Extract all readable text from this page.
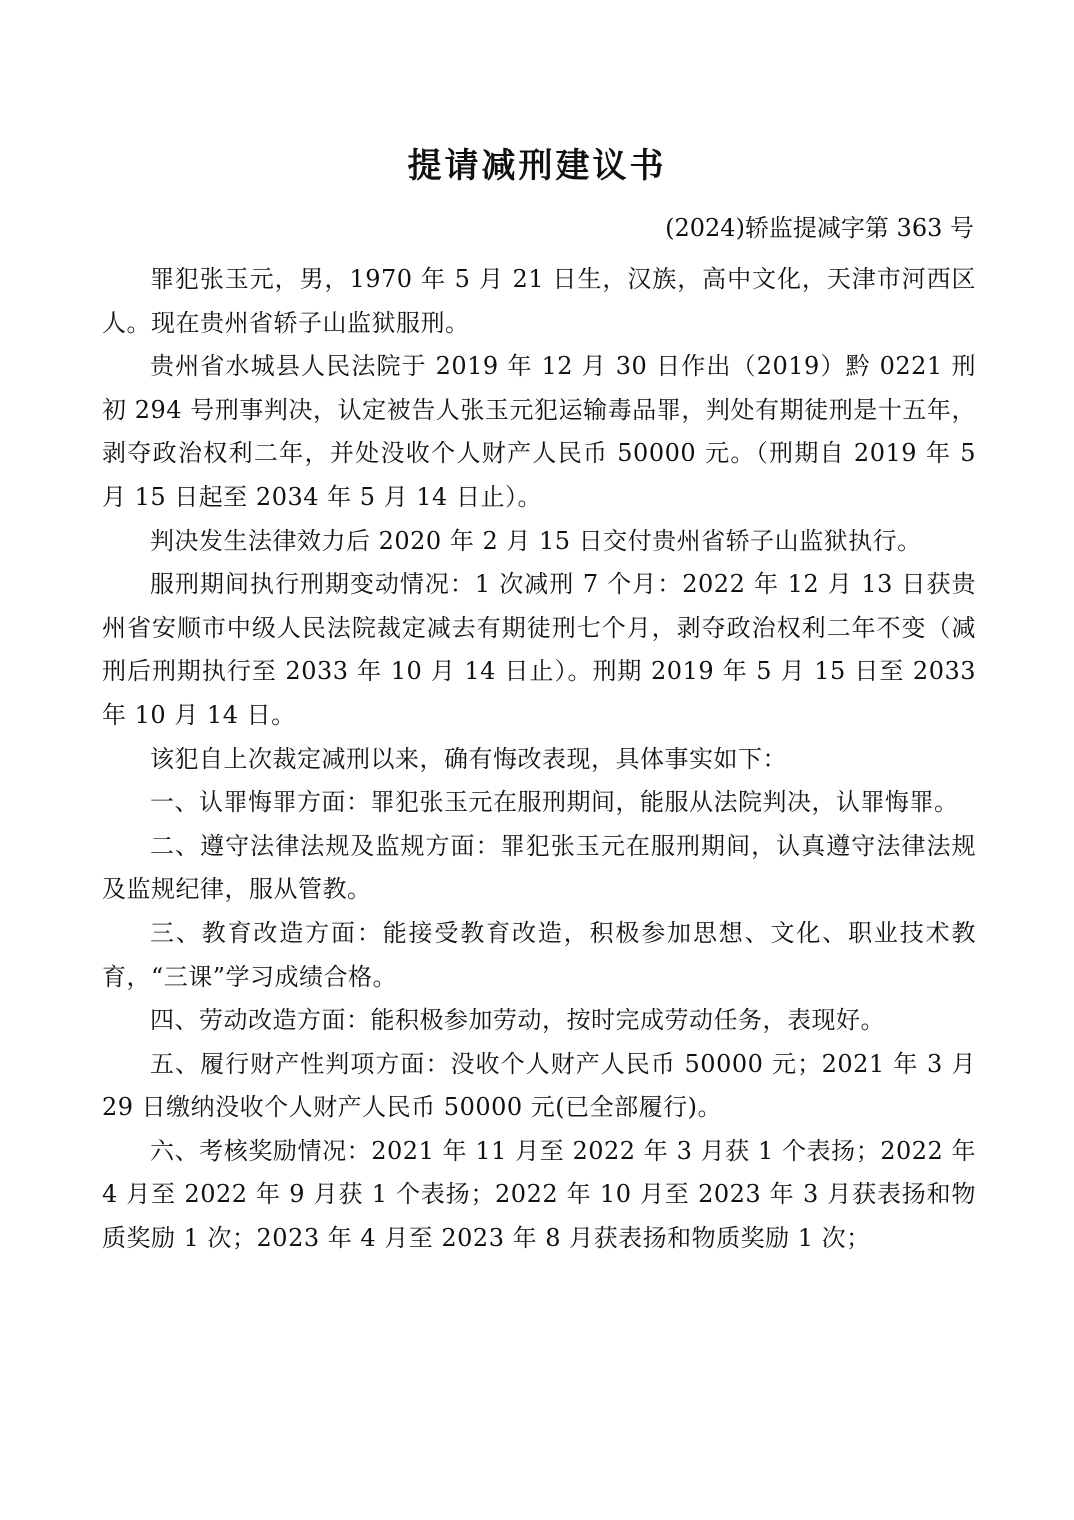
提请减刑建议书
(2024)轿监提减字第 363 号

罪犯张玉元，男，1970 年 5 月 21 日生，汉族，高中文化，天津市河西区人。现在贵州省轿子山监狱服刑。

贵州省水城县人民法院于 2019 年 12 月 30 日作出（2019）黔 0221 刑初 294 号刑事判决，认定被告人张玉元犯运输毒品罪，判处有期徒刑是十五年，剥夺政治权利二年，并处没收个人财产人民币 50000 元。（刑期自 2019 年 5 月 15 日起至 2034 年 5 月 14 日止）。

判决发生法律效力后 2020 年 2 月 15 日交付贵州省轿子山监狱执行。

服刑期间执行刑期变动情况：1 次减刑 7 个月：2022 年 12 月 13 日获贵州省安顺市中级人民法院裁定减去有期徒刑七个月，剥夺政治权利二年不变（减刑后刑期执行至 2033 年 10 月 14 日止）。刑期 2019 年 5 月 15 日至 2033 年 10 月 14 日。

该犯自上次裁定减刑以来，确有悔改表现，具体事实如下：

一、认罪悔罪方面：罪犯张玉元在服刑期间，能服从法院判决，认罪悔罪。

二、遵守法律法规及监规方面：罪犯张玉元在服刑期间，认真遵守法律法规及监规纪律，服从管教。

三、教育改造方面：能接受教育改造，积极参加思想、文化、职业技术教育，“三课”学习成绩合格。

四、劳动改造方面：能积极参加劳动，按时完成劳动任务，表现好。

五、履行财产性判项方面：没收个人财产人民币 50000 元；2021 年 3 月 29 日缴纳没收个人财产人民币 50000 元(已全部履行)。

六、考核奖励情况：2021 年 11 月至 2022 年 3 月获 1 个表扬；2022 年 4 月至 2022 年 9 月获 1 个表扬；2022 年 10 月至 2023 年 3 月获表扬和物质奖励 1 次；2023 年 4 月至 2023 年 8 月获表扬和物质奖励 1 次；
